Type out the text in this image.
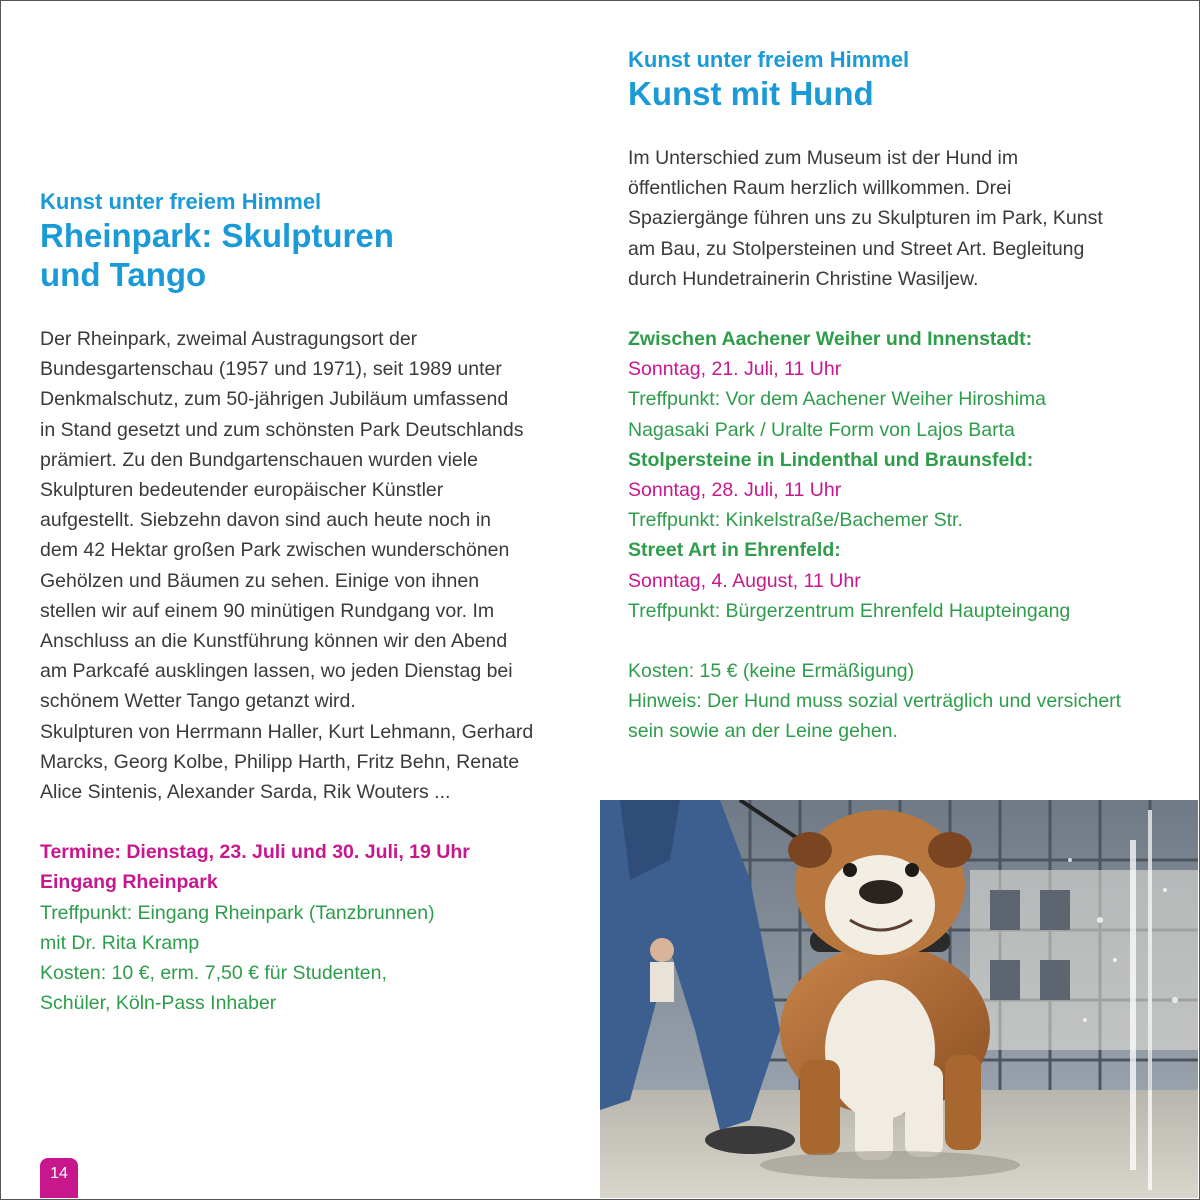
Kunst unter freiem Himmel

Rheinpark: Skulpturen
und Tango
Der Rheinpark, zweimal Austragungsort der
Bundesgartenschau (1957 und 1971), seit 1989 unter
Denkmalschutz, zum 50-jährigen Jubiläum umfassend
in Stand gesetzt und zum schönsten Park Deutschlands
prämiert. Zu den Bundgartenschauen wurden viele
Skulpturen bedeutender europäischer Künstler
aufgestellt. Siebzehn davon sind auch heute noch in
dem 42 Hektar großen Park zwischen wunderschönen
Gehölzen und Bäumen zu sehen. Einige von ihnen
stellen wir auf einem 90 minütigen Rundgang vor. Im
Anschluss an die Kunstführung können wir den Abend
am Parkcafé ausklingen lassen, wo jeden Dienstag bei
schönem Wetter Tango getanzt wird.
Skulpturen von Herrmann Haller, Kurt Lehmann, Gerhard
Marcks, Georg Kolbe, Philipp Harth, Fritz Behn, Renate
Alice Sintenis, Alexander Sarda, Rik Wouters ...
Termine: Dienstag, 23. Juli und 30. Juli, 19 Uhr
Eingang Rheinpark
Treffpunkt: Eingang Rheinpark (Tanzbrunnen)
mit Dr. Rita Kramp
Kosten: 10 €, erm. 7,50 € für Studenten,
Schüler, Köln-Pass Inhaber

Kunst unter freiem Himmel

Kunst mit Hund
Im Unterschied zum Museum ist der Hund im
öffentlichen Raum herzlich willkommen. Drei
Spaziergänge führen uns zu Skulpturen im Park, Kunst
am Bau, zu Stolpersteinen und Street Art. Begleitung
durch Hundetrainerin Christine Wasiljew.
Zwischen Aachener Weiher und Innenstadt:
Sonntag, 21. Juli, 11 Uhr
Treffpunkt: Vor dem Aachener Weiher Hiroshima
Nagasaki Park / Uralte Form von Lajos Barta
Stolpersteine in Lindenthal und Braunsfeld:
Sonntag, 28. Juli, 11 Uhr
Treffpunkt: Kinkelstraße/Bachemer Str.
Street Art in Ehrenfeld:
Sonntag, 4. August, 11 Uhr
Treffpunkt: Bürgerzentrum Ehrenfeld Haupteingang
Kosten: 15 € (keine Ermäßigung)
Hinweis: Der Hund muss sozial verträglich und versichert
sein sowie an der Leine gehen.
14
